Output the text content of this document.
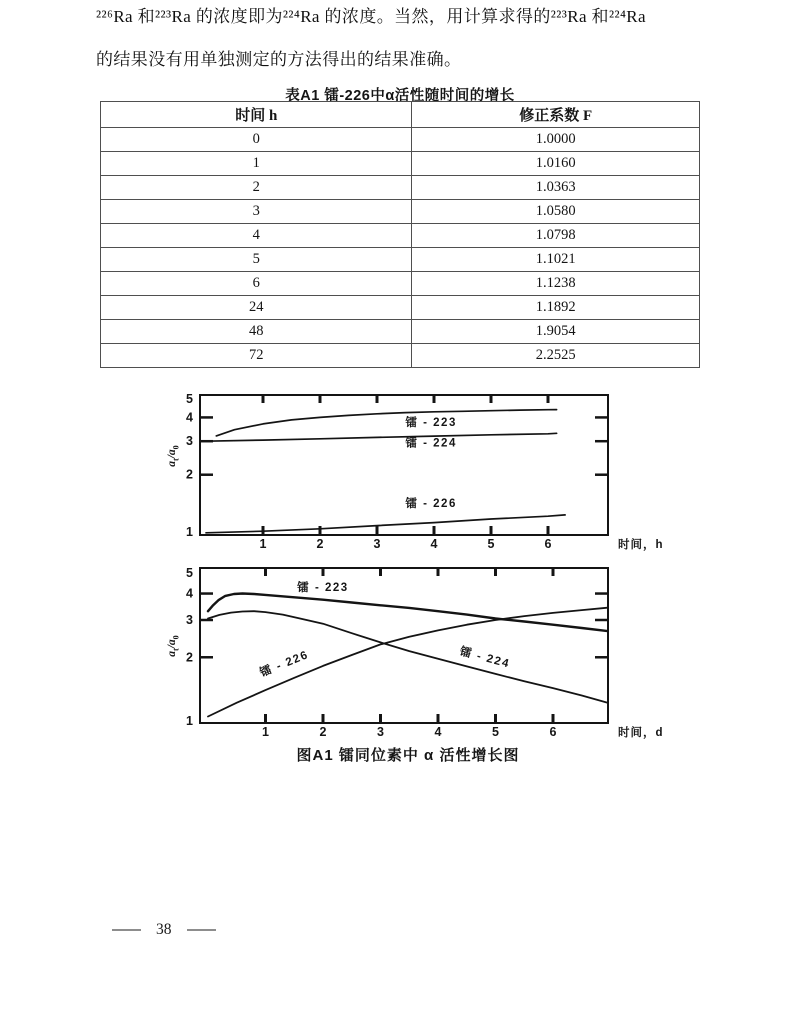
²²⁶Ra 和²²³Ra 的浓度即为²²⁴Ra 的浓度。当然，用计算求得的²²³Ra 和²²⁴Ra
的结果没有用单独测定的方法得出的结果准确。
表A1 镭-226中α活性随时间的增长
时间 h	修正系数 F
0	1.0000
1	1.0160
2	1.0363
3	1.0580
4	1.0798
5	1.1021
6	1.1238
24	1.1892
48	1.9054
72	2.2525
1	2	3	4	5	6
1
2
3
4
5
时间，h
镭 - 223
镭 - 224
镭 - 226
1	2	3	4	5	6
1
2
3
4
5
时间，d
镭 - 223
镭 - 224
镭 - 226
$a_t/a_0$
$a_t/a_0$
图A1 镭同位素中 α 活性增长图
38
